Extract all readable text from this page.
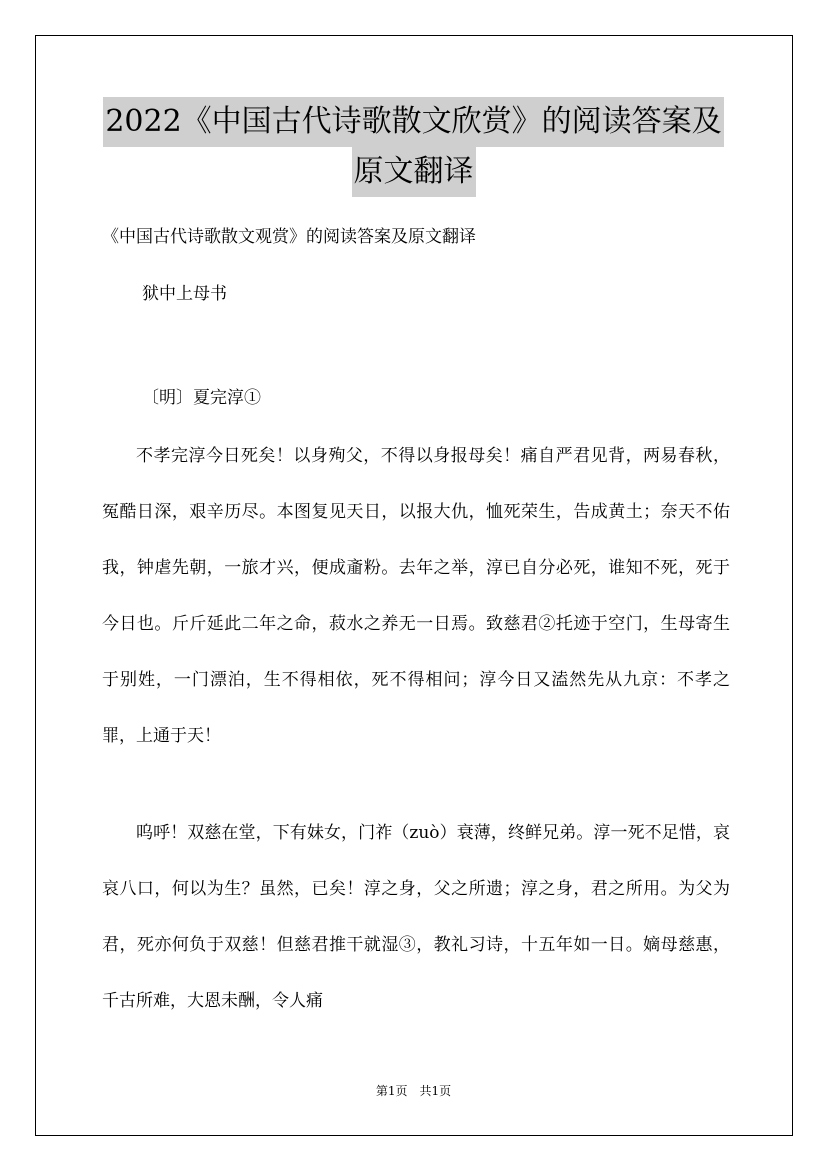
2022《中国古代诗歌散文欣赏》的阅读答案及
原文翻译
《中国古代诗歌散文观赏》的阅读答案及原文翻译
狱中上母书
〔明〕夏完淳①

不孝完淳今日死矣！以身殉父，不得以身报母矣！痛自严君见背，两易春秋，冤酷日深，艰辛历尽。本图复见天日，以报大仇，恤死荣生，告成黄土；奈天不佑我，钟虐先朝，一旅才兴，便成齑粉。去年之举，淳已自分必死，谁知不死，死于今日也。斤斤延此二年之命，菽水之养无一日焉。致慈君②托迹于空门，生母寄生于别姓，一门漂泊，生不得相依，死不得相问；淳今日又溘然先从九京：不孝之罪，上通于天！

呜呼！双慈在堂，下有妹女，门祚（zuò）衰薄，终鲜兄弟。淳一死不足惜，哀哀八口，何以为生？虽然，已矣！淳之身，父之所遗；淳之身，君之所用。为父为君，死亦何负于双慈！但慈君推干就湿③，教礼习诗，十五年如一日。嫡母慈惠，千古所难，大恩未酬，令人痛

第1页　共1页
